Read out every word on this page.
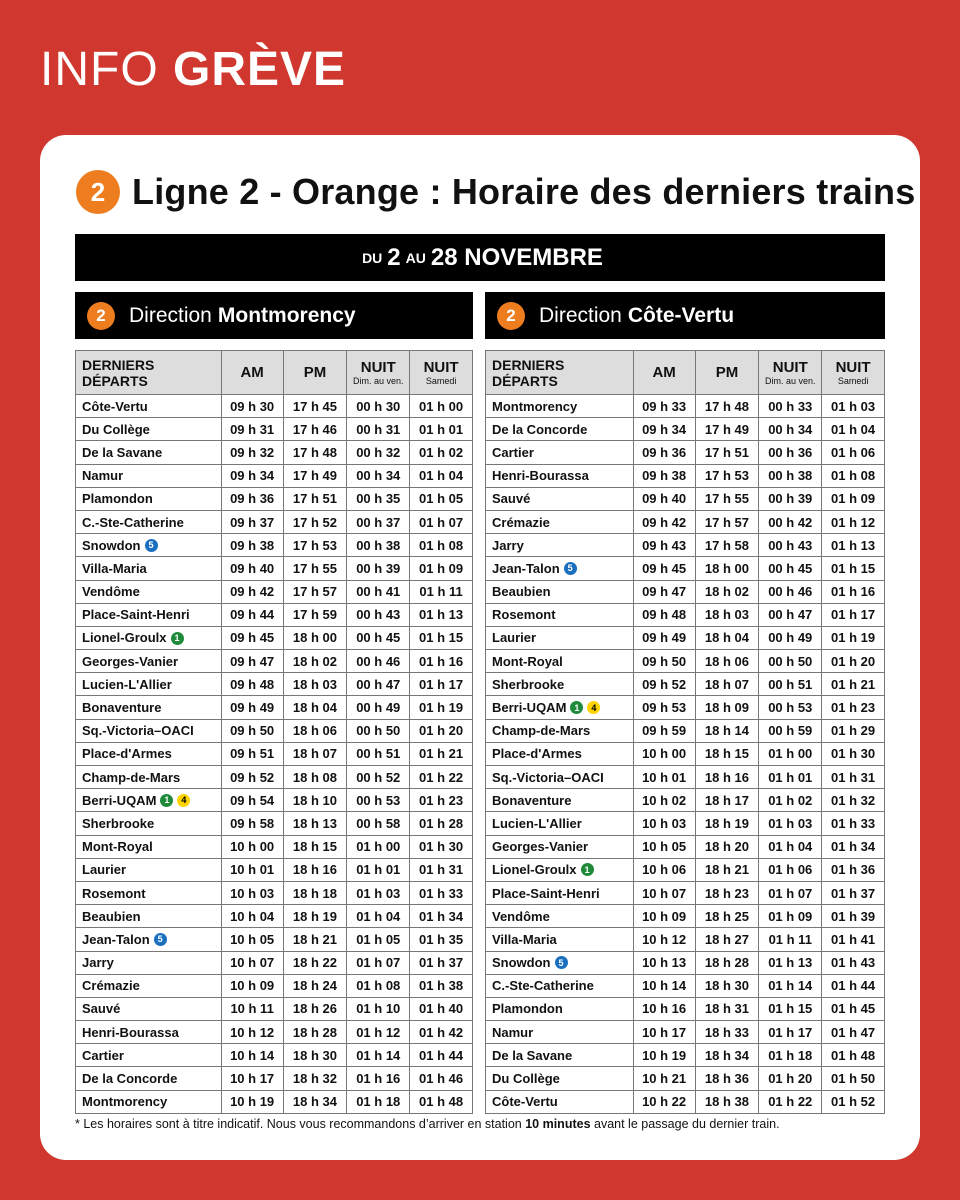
INFO GRÈVE
2 Ligne 2 - Orange : Horaire des derniers trains
DU 2 AU 28 NOVEMBRE
2	Direction Montmorency	2	Direction Côte-Vertu
DERNIERS DÉPARTS	AM	PM	NUIT
Dim. au ven.	NUIT
Samedi

Côte-Vertu	09 h 30	17 h 45	00 h 30	01 h 00
Du Collège	09 h 31	17 h 46	00 h 31	01 h 01
De la Savane	09 h 32	17 h 48	00 h 32	01 h 02
Namur	09 h 34	17 h 49	00 h 34	01 h 04
Plamondon	09 h 36	17 h 51	00 h 35	01 h 05
C.-Ste-Catherine	09 h 37	17 h 52	00 h 37	01 h 07
Snowdon 5	09 h 38	17 h 53	00 h 38	01 h 08
Villa-Maria	09 h 40	17 h 55	00 h 39	01 h 09
Vendôme	09 h 42	17 h 57	00 h 41	01 h 11
Place-Saint-Henri	09 h 44	17 h 59	00 h 43	01 h 13
Lionel-Groulx 1	09 h 45	18 h 00	00 h 45	01 h 15
Georges-Vanier	09 h 47	18 h 02	00 h 46	01 h 16
Lucien-L'Allier	09 h 48	18 h 03	00 h 47	01 h 17
Bonaventure	09 h 49	18 h 04	00 h 49	01 h 19
Sq.-Victoria–OACI	09 h 50	18 h 06	00 h 50	01 h 20
Place-d'Armes	09 h 51	18 h 07	00 h 51	01 h 21
Champ-de-Mars	09 h 52	18 h 08	00 h 52	01 h 22
Berri-UQAM 1 4	09 h 54	18 h 10	00 h 53	01 h 23
Sherbrooke	09 h 58	18 h 13	00 h 58	01 h 28
Mont-Royal	10 h 00	18 h 15	01 h 00	01 h 30
Laurier	10 h 01	18 h 16	01 h 01	01 h 31
Rosemont	10 h 03	18 h 18	01 h 03	01 h 33
Beaubien	10 h 04	18 h 19	01 h 04	01 h 34
Jean-Talon 5	10 h 05	18 h 21	01 h 05	01 h 35
Jarry	10 h 07	18 h 22	01 h 07	01 h 37
Crémazie	10 h 09	18 h 24	01 h 08	01 h 38
Sauvé	10 h 11	18 h 26	01 h 10	01 h 40
Henri-Bourassa	10 h 12	18 h 28	01 h 12	01 h 42
Cartier	10 h 14	18 h 30	01 h 14	01 h 44
De la Concorde	10 h 17	18 h 32	01 h 16	01 h 46
Montmorency	10 h 19	18 h 34	01 h 18	01 h 48
DERNIERS DÉPARTS	AM	PM	NUIT
Dim. au ven.	NUIT
Samedi

Montmorency	09 h 33	17 h 48	00 h 33	01 h 03
De la Concorde	09 h 34	17 h 49	00 h 34	01 h 04
Cartier	09 h 36	17 h 51	00 h 36	01 h 06
Henri-Bourassa	09 h 38	17 h 53	00 h 38	01 h 08
Sauvé	09 h 40	17 h 55	00 h 39	01 h 09
Crémazie	09 h 42	17 h 57	00 h 42	01 h 12
Jarry	09 h 43	17 h 58	00 h 43	01 h 13
Jean-Talon 5	09 h 45	18 h 00	00 h 45	01 h 15
Beaubien	09 h 47	18 h 02	00 h 46	01 h 16
Rosemont	09 h 48	18 h 03	00 h 47	01 h 17
Laurier	09 h 49	18 h 04	00 h 49	01 h 19
Mont-Royal	09 h 50	18 h 06	00 h 50	01 h 20
Sherbrooke	09 h 52	18 h 07	00 h 51	01 h 21
Berri-UQAM 1 4	09 h 53	18 h 09	00 h 53	01 h 23
Champ-de-Mars	09 h 59	18 h 14	00 h 59	01 h 29
Place-d'Armes	10 h 00	18 h 15	01 h 00	01 h 30
Sq.-Victoria–OACI	10 h 01	18 h 16	01 h 01	01 h 31
Bonaventure	10 h 02	18 h 17	01 h 02	01 h 32
Lucien-L'Allier	10 h 03	18 h 19	01 h 03	01 h 33
Georges-Vanier	10 h 05	18 h 20	01 h 04	01 h 34
Lionel-Groulx 1	10 h 06	18 h 21	01 h 06	01 h 36
Place-Saint-Henri	10 h 07	18 h 23	01 h 07	01 h 37
Vendôme	10 h 09	18 h 25	01 h 09	01 h 39
Villa-Maria	10 h 12	18 h 27	01 h 11	01 h 41
Snowdon 5	10 h 13	18 h 28	01 h 13	01 h 43
C.-Ste-Catherine	10 h 14	18 h 30	01 h 14	01 h 44
Plamondon	10 h 16	18 h 31	01 h 15	01 h 45
Namur	10 h 17	18 h 33	01 h 17	01 h 47
De la Savane	10 h 19	18 h 34	01 h 18	01 h 48
Du Collège	10 h 21	18 h 36	01 h 20	01 h 50
Côte-Vertu	10 h 22	18 h 38	01 h 22	01 h 52
* Les horaires sont à titre indicatif. Nous vous recommandons d’arriver en station 10 minutes avant le passage du dernier train.
